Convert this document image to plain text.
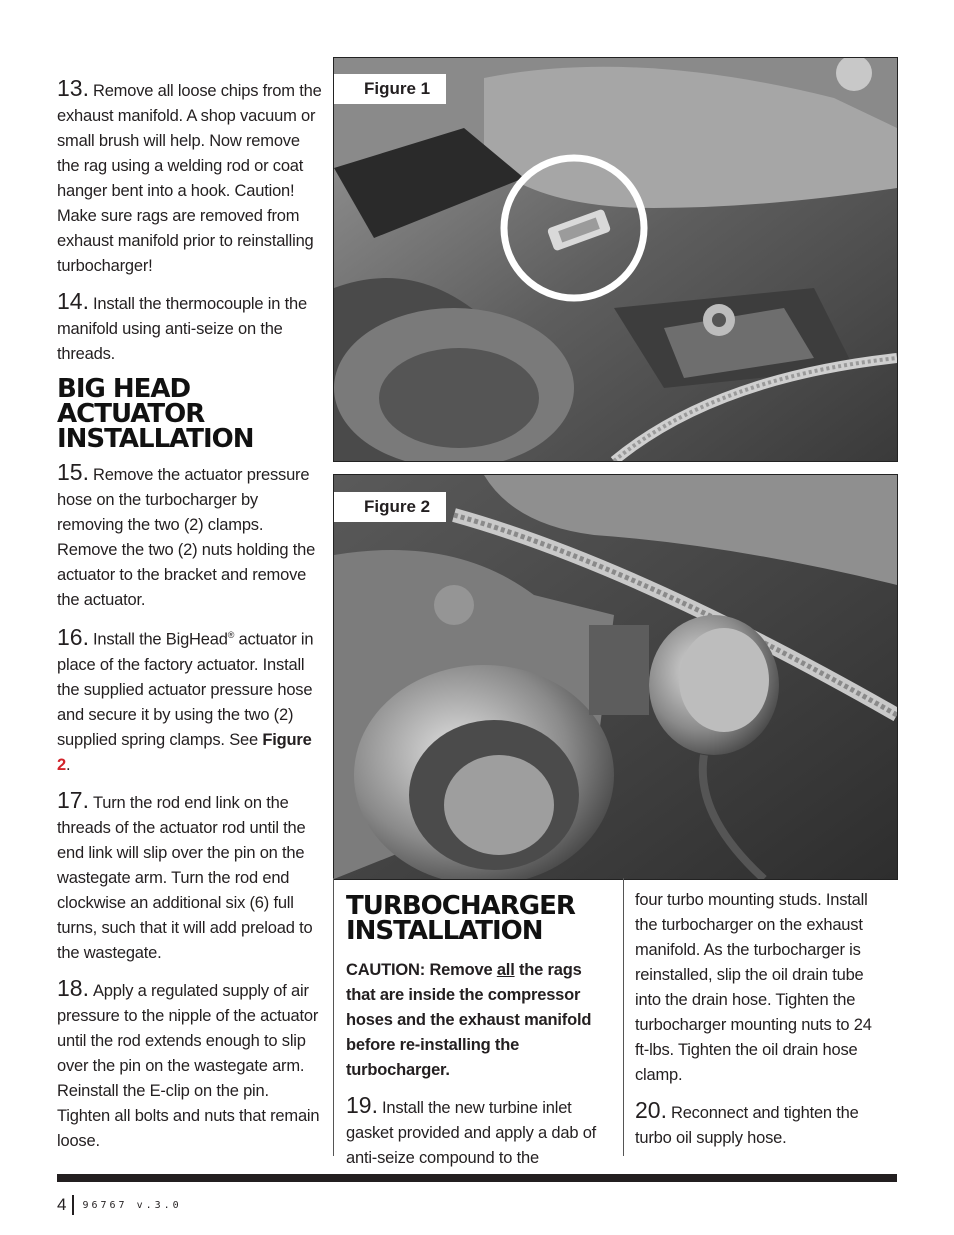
13. Remove all loose chips from the exhaust manifold. A shop vacuum or small brush will help. Now remove the rag using a welding rod or coat hanger bent into a hook. Caution! Make sure rags are removed from exhaust manifold prior to reinstalling turbocharger!

14. Install the thermocouple in the manifold using anti-seize on the threads.

BIG HEAD
ACTUATOR
INSTALLATION

15. Remove the actuator pressure hose on the turbocharger by removing the two (2) clamps. Remove the two (2) nuts holding the actuator to the bracket and remove the actuator.

16. Install the BigHead® actuator in place of the factory actuator. Install the supplied actuator pressure hose and secure it by using the two (2) supplied spring clamps. See Figure 2.

17. Turn the rod end link on the threads of the actuator rod until the end link will slip over the pin on the wastegate arm. Turn the rod end clockwise an additional six (6) full turns, such that it will add preload to the wastegate.

18. Apply a regulated supply of air pressure to the nipple of the actuator until the rod extends enough to slip over the pin on the wastegate arm. Reinstall the E-clip on the pin. Tighten all bolts and nuts that remain loose.

Figure 1
Figure 2
TURBOCHARGER
INSTALLATION

CAUTION: Remove all the rags that are inside the compressor hoses and the exhaust manifold before re-installing the turbocharger.

19. Install the new turbine inlet gasket provided and apply a dab of anti-seize compound to the

four turbo mounting studs. Install the turbocharger on the exhaust manifold. As the turbocharger is reinstalled, slip the oil drain tube into the drain hose. Tighten the turbocharger mounting nuts to 24 ft-lbs. Tighten the oil drain hose clamp.

20. Reconnect and tighten the turbo oil supply hose.

4 96767 v.3.0
